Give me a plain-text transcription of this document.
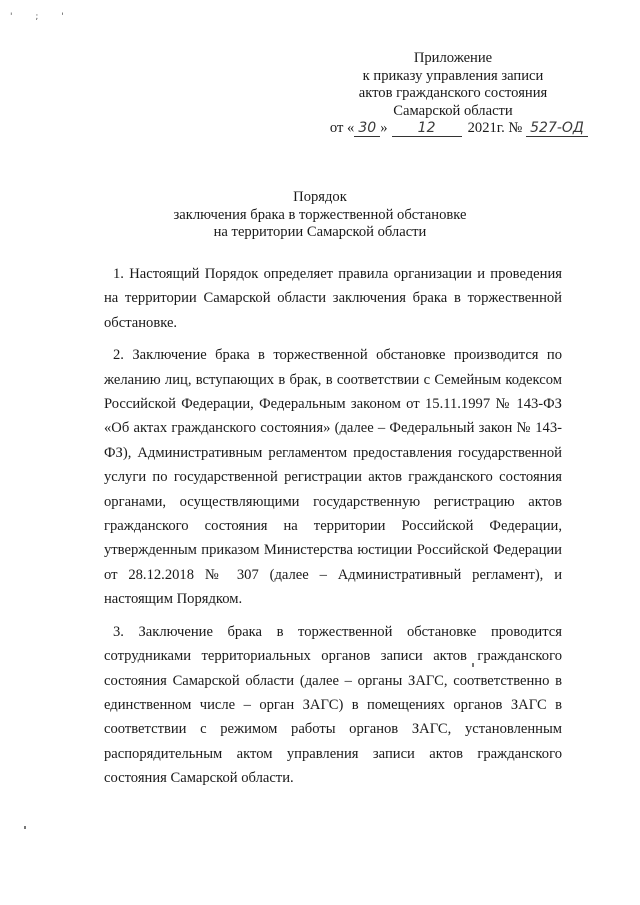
' ; '
Приложение
к приказу управления записи
актов гражданского состояния
Самарской области
от « 30 »	12	2021г. №
527-ОД
Порядок
заключения брака в торжественной обстановке
на территории Самарской области

1. Настоящий Порядок определяет правила организации и проведения на территории Самарской области заключения брака в торжественной обстановке.

2. Заключение брака в торжественной обстановке производится по желанию лиц, вступающих в брак, в соответствии с Семейным кодексом Российской Федерации, Федеральным законом от 15.11.1997 № 143-ФЗ «Об актах гражданского состояния» (далее – Федеральный закон № 143-ФЗ), Административным регламентом предоставления государственной услуги по государственной регистрации актов гражданского состояния органами, осуществляющими государственную регистрацию актов гражданского состояния на территории Российской Федерации, утвержденным приказом Министерства юстиции Российской Федерации от 28.12.2018 № 307 (далее – Административный регламент), и настоящим Порядком.

3. Заключение брака в торжественной обстановке проводится сотрудниками территориальных органов записи актов гражданского состояния Самарской области (далее – органы ЗАГС, соответственно в единственном числе – орган ЗАГС) в помещениях органов ЗАГС в соответствии с режимом работы органов ЗАГС, установленным распорядительным актом управления записи актов гражданского состояния Самарской области.
